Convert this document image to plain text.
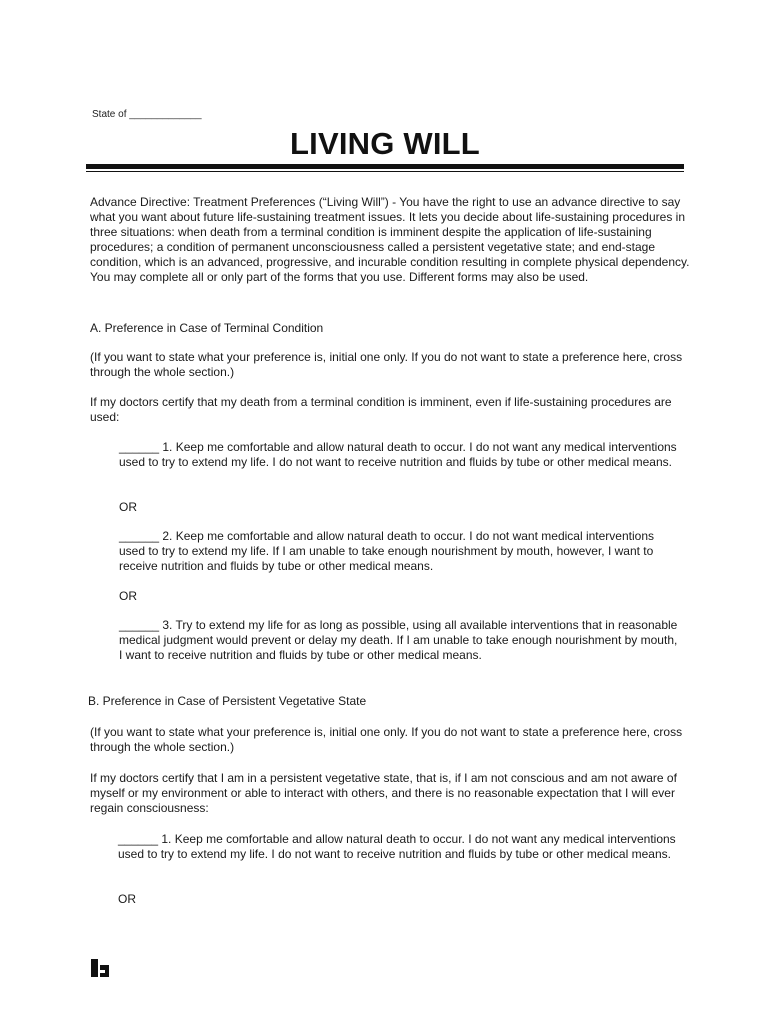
State of _____________
LIVING WILL

Advance Directive: Treatment Preferences (“Living Will”) - You have the right to use an advance directive to say what you want about future life-sustaining treatment issues. It lets you decide about life-sustaining procedures in three situations: when death from a terminal condition is imminent despite the application of life-sustaining procedures; a condition of permanent unconsciousness called a persistent vegetative state; and end-stage condition, which is an advanced, progressive, and incurable condition resulting in complete physical dependency. You may complete all or only part of the forms that you use. Different forms may also be used.

A. Preference in Case of Terminal Condition

(If you want to state what your preference is, initial one only. If you do not want to state a preference here, cross through the whole section.)

If my doctors certify that my death from a terminal condition is imminent, even if life-sustaining procedures are used:

______ 1. Keep me comfortable and allow natural death to occur. I do not want any medical interventions used to try to extend my life. I do not want to receive nutrition and fluids by tube or other medical means.

OR

______ 2. Keep me comfortable and allow natural death to occur. I do not want medical interventions used to try to extend my life. If I am unable to take enough nourishment by mouth, however, I want to receive nutrition and fluids by tube or other medical means.

OR

______ 3. Try to extend my life for as long as possible, using all available interventions that in reasonable medical judgment would prevent or delay my death. If I am unable to take enough nourishment by mouth, I want to receive nutrition and fluids by tube or other medical means.

B. Preference in Case of Persistent Vegetative State

(If you want to state what your preference is, initial one only. If you do not want to state a preference here, cross through the whole section.)

If my doctors certify that I am in a persistent vegetative state, that is, if I am not conscious and am not aware of myself or my environment or able to interact with others, and there is no reasonable expectation that I will ever regain consciousness:

______ 1. Keep me comfortable and allow natural death to occur. I do not want any medical interventions used to try to extend my life. I do not want to receive nutrition and fluids by tube or other medical means.

OR
